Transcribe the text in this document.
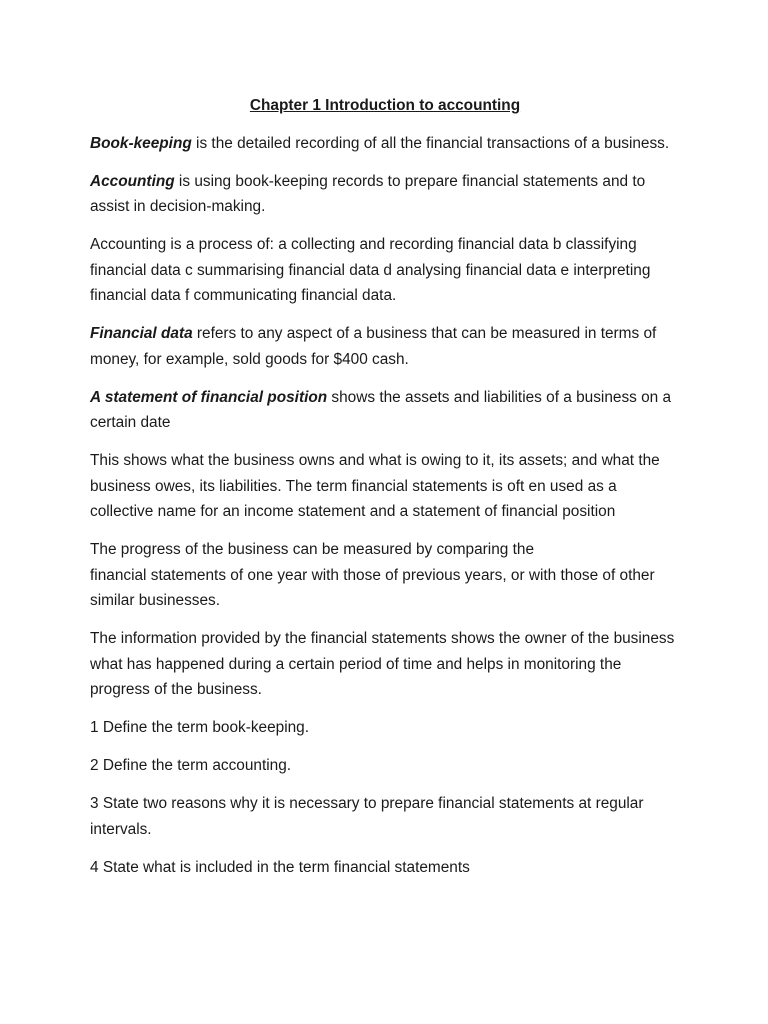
Chapter 1 Introduction to accounting

Book-keeping is the detailed recording of all the financial transactions of a business.

Accounting is using book-keeping records to prepare financial statements and to assist in decision-making.

Accounting is a process of: a collecting and recording financial data b classifying financial data c summarising financial data d analysing financial data e interpreting financial data f communicating financial data.

Financial data refers to any aspect of a business that can be measured in terms of money, for example, sold goods for $400 cash.

A statement of financial position shows the assets and liabilities of a business on a certain date

This shows what the business owns and what is owing to it, its assets; and what the business owes, its liabilities. The term financial statements is oft en used as a collective name for an income statement and a statement of financial position

The progress of the business can be measured by comparing the
financial statements of one year with those of previous years, or with those of other similar businesses.

The information provided by the financial statements shows the owner of the business what has happened during a certain period of time and helps in monitoring the progress of the business.

1 Define the term book-keeping.

2 Define the term accounting.

3 State two reasons why it is necessary to prepare financial statements at regular intervals.

4 State what is included in the term financial statements
